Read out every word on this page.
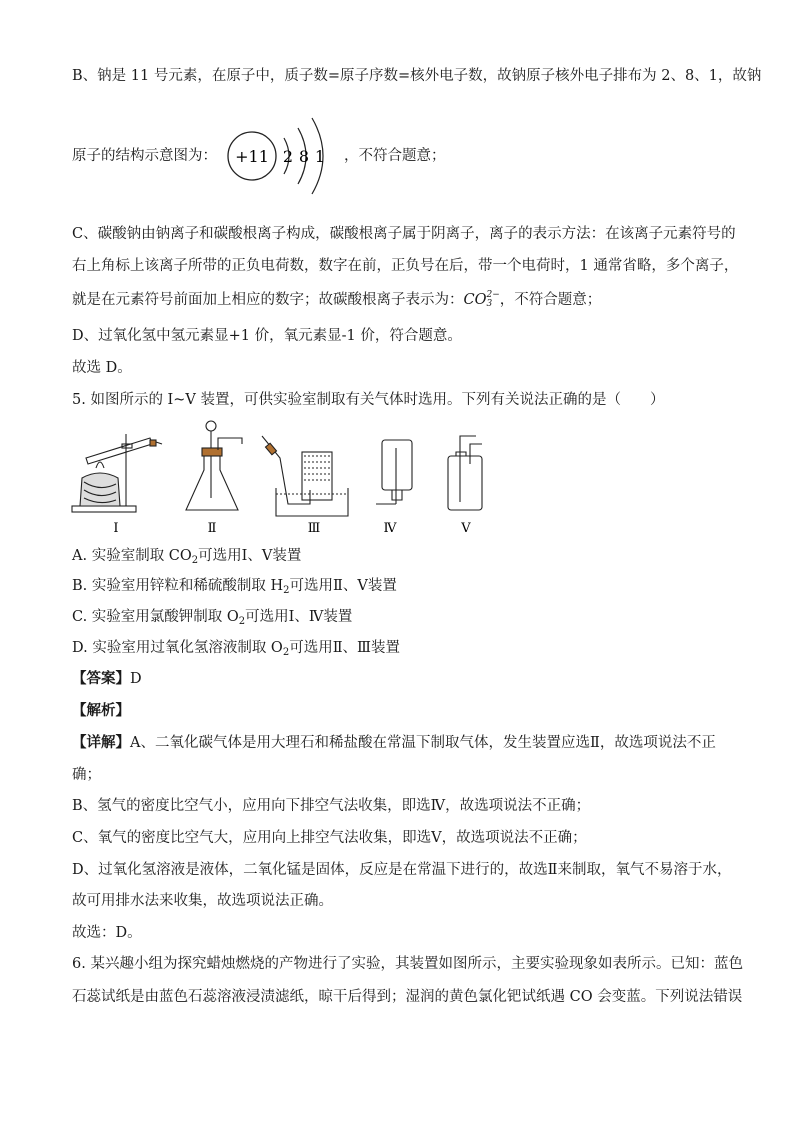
B、钠是 11 号元素，在原子中，质子数=原子序数=核外电子数，故钠原子核外电子排布为 2、8、1，故钠
原子的结构示意图为： +11 2 8 1 ，不符合题意；
C、碳酸钠由钠离子和碳酸根离子构成，碳酸根离子属于阴离子，离子的表示方法：在该离子元素符号的
右上角标上该离子所带的正负电荷数，数字在前，正负号在后，带一个电荷时，1 通常省略，多个离子，
就是在元素符号前面加上相应的数字；故碳酸根离子表示为：CO 2−
3 ，不符合题意；
D、过氧化氢中氢元素显+1 价，氧元素显-1 价，符合题意。
故选 D。
5. 如图所示的 I~V 装置，可供实验室制取有关气体时选用。下列有关说法正确的是（　　）
Ⅰ	Ⅱ	Ⅲ	Ⅳ	Ⅴ
A. 实验室制取 $CO_2$可选用Ⅰ、Ⅴ装置
B. 实验室用锌粒和稀硫酸制取 $H_2$可选用Ⅱ、Ⅴ装置
C. 实验室用氯酸钾制取 $O_2$可选用Ⅰ、Ⅳ装置
D. 实验室用过氧化氢溶液制取 $O_2$可选用Ⅱ、Ⅲ装置
【答案】D
【解析】
【详解】A、二氧化碳气体是用大理石和稀盐酸在常温下制取气体，发生装置应选Ⅱ，故选项说法不正
确；
B、氢气的密度比空气小，应用向下排空气法收集，即选Ⅳ，故选项说法不正确；
C、氧气的密度比空气大，应用向上排空气法收集，即选Ⅴ，故选项说法不正确；
D、过氧化氢溶液是液体，二氧化锰是固体，反应是在常温下进行的，故选Ⅱ来制取，氧气不易溶于水，
故可用排水法来收集，故选项说法正确。
故选：D。
6. 某兴趣小组为探究蜡烛燃烧的产物进行了实验，其装置如图所示，主要实验现象如表所示。已知：蓝色
石蕊试纸是由蓝色石蕊溶液浸渍滤纸，晾干后得到；湿润的黄色氯化钯试纸遇 CO 会变蓝。下列说法错误
